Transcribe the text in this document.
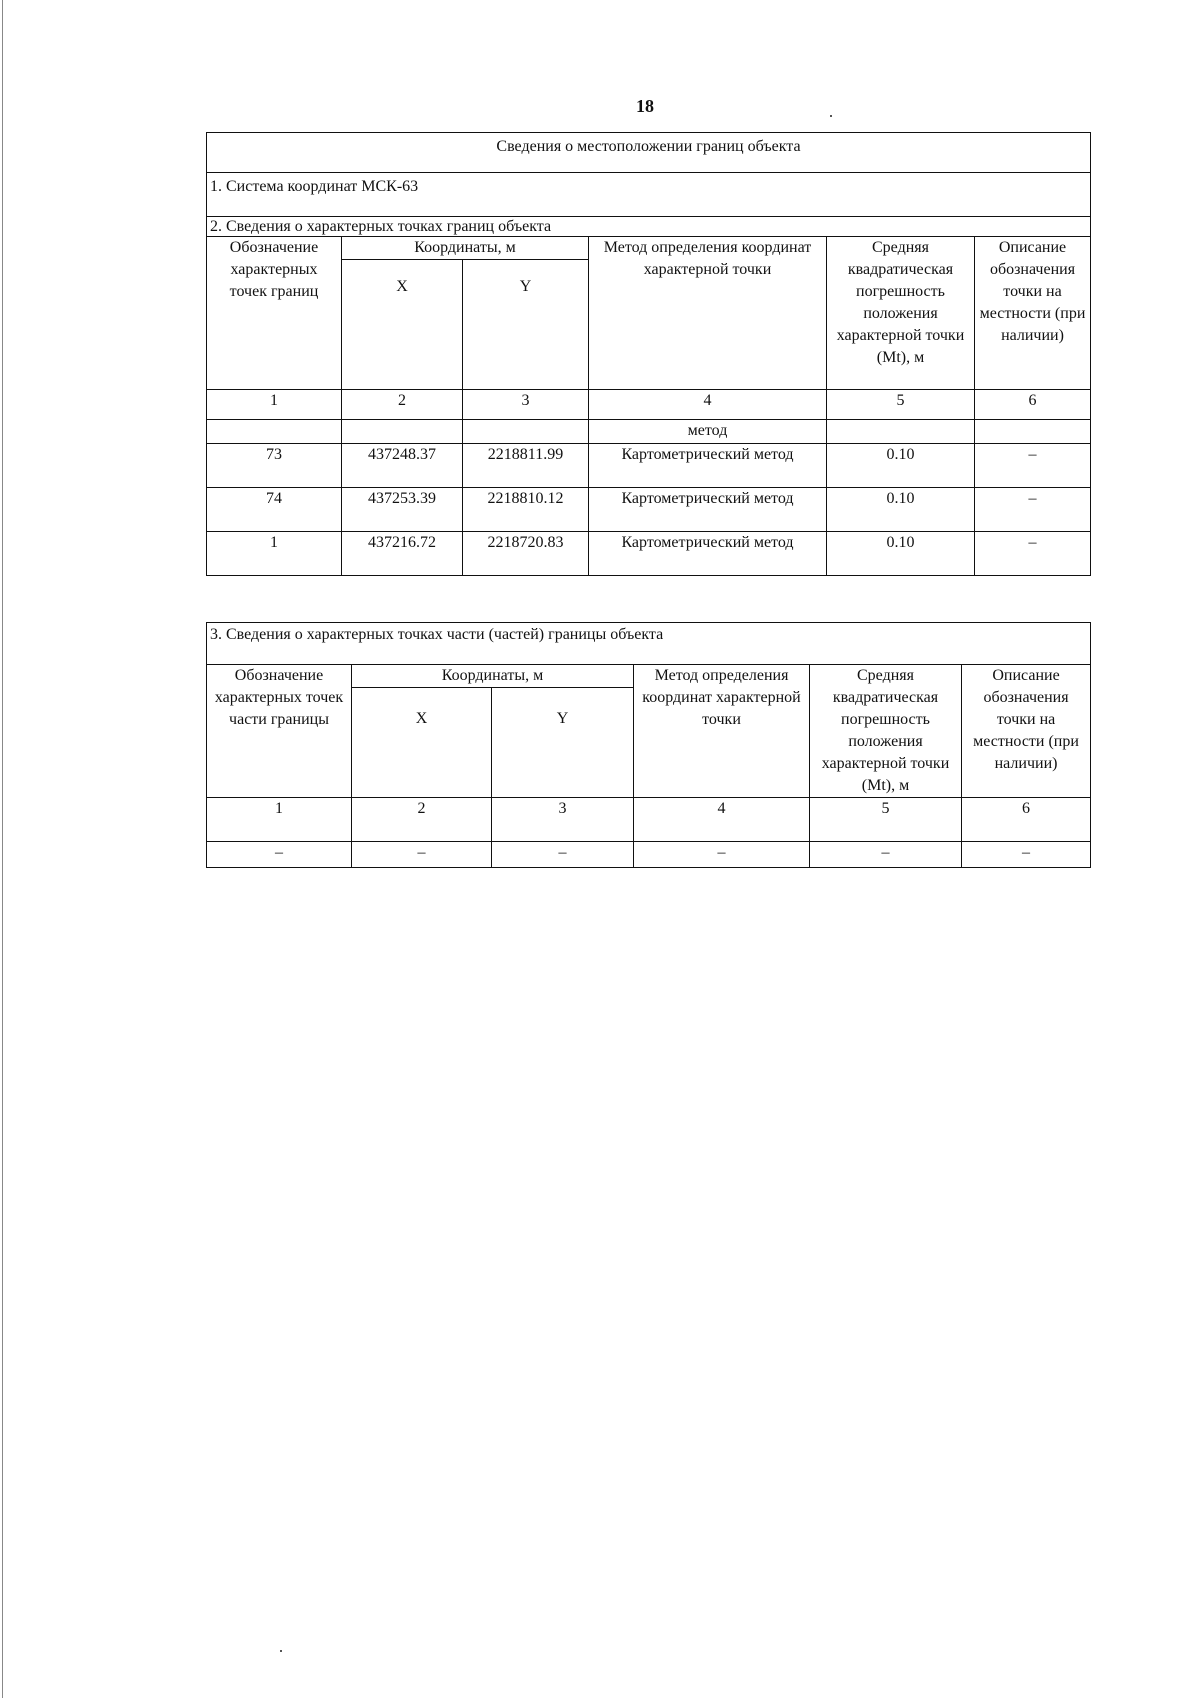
18
Сведения о местоположении границ объекта					
1. Система координат МСК-63					
2. Сведения о характерных точках границ объекта					
Обозначение характерных точек границ	Координаты, м		Метод определения координат характерной точки	Средняя квадратическая погрешность положения характерной точки (Mt), м	Описание обозначения точки на местности (при наличии)
	X	Y			
1	2	3	4	5	6
			метод		
73	437248.37	2218811.99	Картометрический метод	0.10	–
74	437253.39	2218810.12	Картометрический метод	0.10	–
1	437216.72	2218720.83	Картометрический метод	0.10	–
3. Сведения о характерных точках части (частей) границы объекта					
Обозначение характерных точек части границы	Координаты, м		Метод определения координат характерной точки	Средняя квадратическая погрешность положения характерной точки (Mt), м	Описание обозначения точки на местности (при наличии)
	X	Y			
1	2	3	4	5	6
–	–	–	–	–	–
